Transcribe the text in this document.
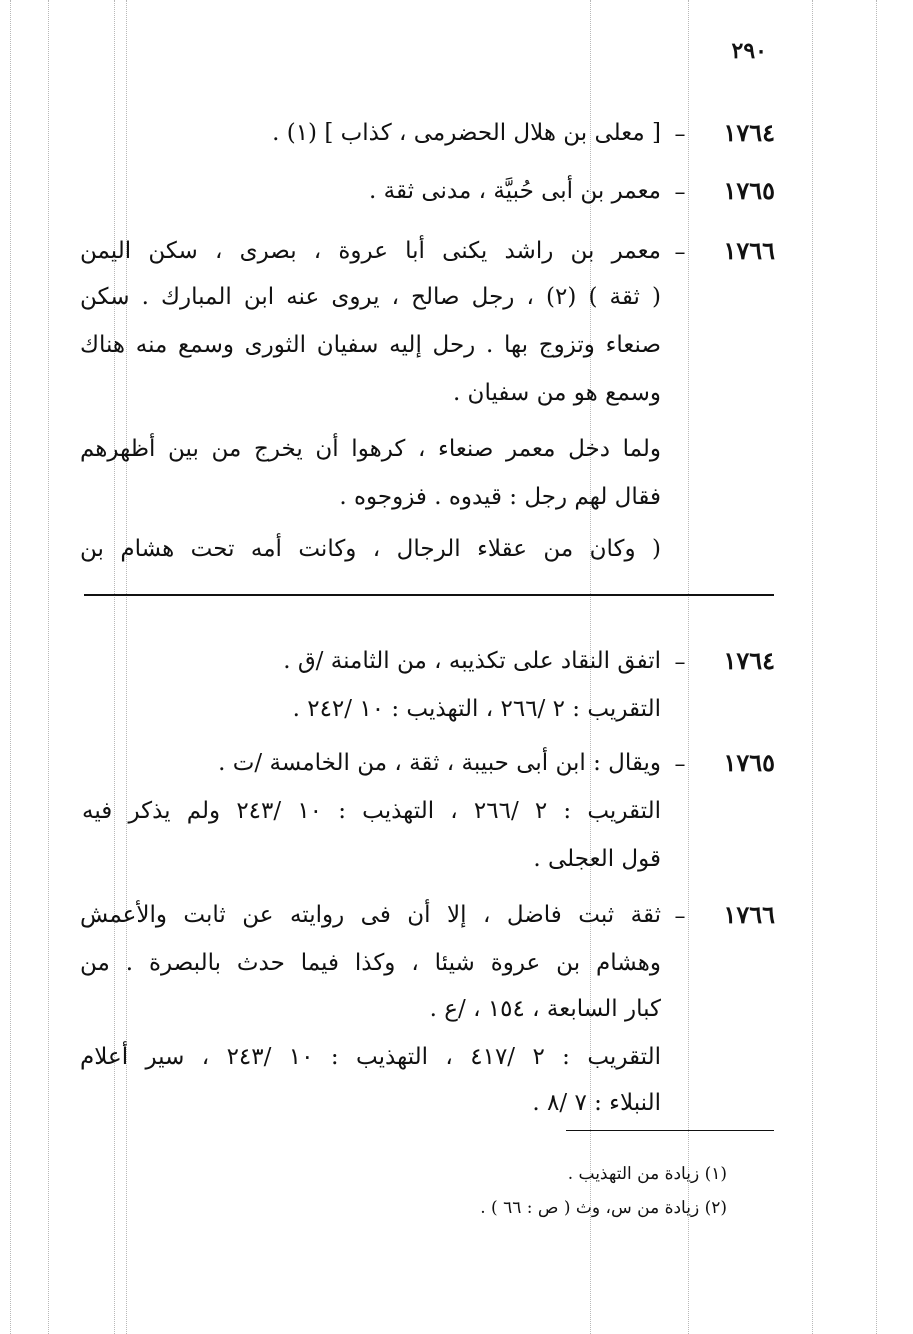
٢٩٠
١٧٦٤–
[ معلى بن هلال الحضرمى ، كذاب ] (١) .
١٧٦٥–
معمر بن أبى حُبيَّة ، مدنى ثقة .
١٧٦٦–
معمر بن راشد يكنى أبا عروة ، بصرى ، سكن اليمن
( ثقة ) (٢) ، رجل صالح ، يروى عنه ابن المبارك . سكن
صنعاء وتزوج بها . رحل إليه سفيان الثورى وسمع منه هناك
وسمع هو من سفيان .
ولما دخل معمر صنعاء ، كرهوا أن يخرج من بين أظهرهم
فقال لهم رجل : قيدوه . فزوجوه .
( وكان من عقلاء الرجال ، وكانت أمه تحت هشام بن
١٧٦٤–
اتفق النقاد على تكذيبه ، من الثامنة /ق .
التقريب : ٢ /٢٦٦ ، التهذيب : ١٠ /٢٤٢ .
١٧٦٥–
ويقال : ابن أبى حبيبة ، ثقة ، من الخامسة /ت .
التقريب : ٢ /٢٦٦ ، التهذيب : ١٠ /٢٤٣ ولم يذكر فيه
قول العجلى .
١٧٦٦–
ثقة ثبت فاضل ، إلا أن فى روايته عن ثابت والأعمش
وهشام بن عروة شيئا ، وكذا فيما حدث بالبصرة . من
كبار السابعة ، ١٥٤ ، /ع .
التقريب : ٢ /٤١٧ ، التهذيب : ١٠ /٢٤٣ ، سير أعلام
النبلاء : ٧ /٨ .
(١) زيادة من التهذيب .
(٢) زيادة من س، وث ( ص : ٦٦ ) .
